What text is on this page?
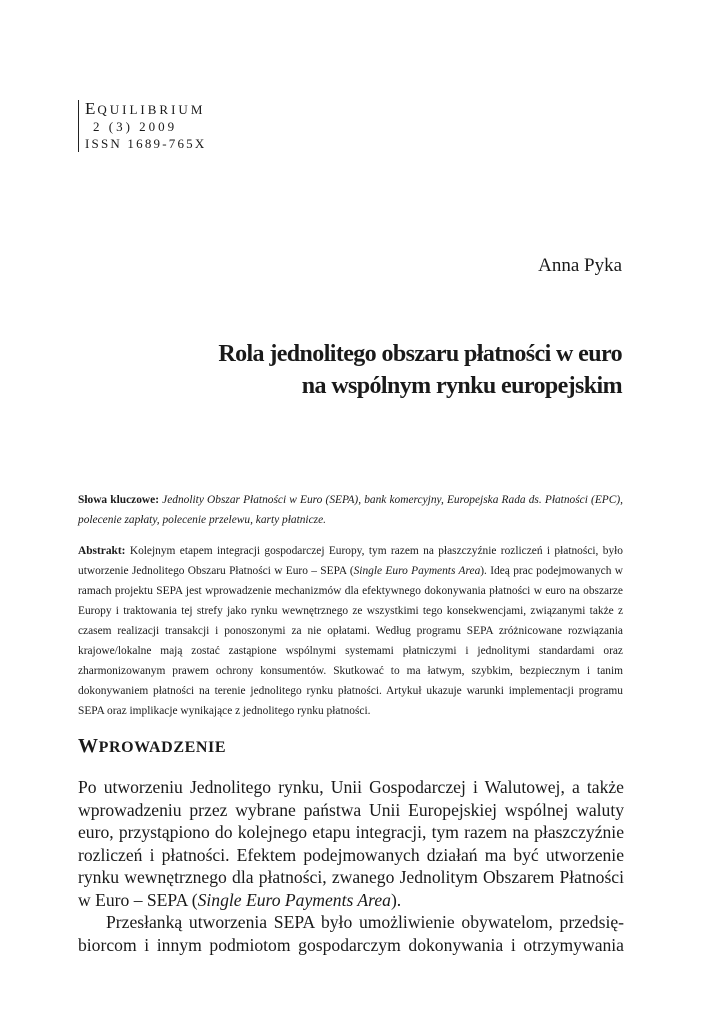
EQUILIBRIUM
2 (3) 2009
ISSN 1689-765X
Anna Pyka
Rola jednolitego obszaru płatności w euro
na wspólnym rynku europejskim
Słowa kluczowe: Jednolity Obszar Płatności w Euro (SEPA), bank komercyjny, Europejska Rada ds. Płatności (EPC), polecenie zapłaty, polecenie przelewu, karty płatnicze.
Abstrakt: Kolejnym etapem integracji gospodarczej Europy, tym razem na płaszczyźnie rozliczeń i płatności, było utworzenie Jednolitego Obszaru Płatności w Euro – SEPA (Single Euro Payments Area). Ideą prac podejmowanych w ramach projektu SEPA jest wprowadzenie mechanizmów dla efektywnego dokonywania płatności w euro na obszarze Europy i traktowania tej strefy jako rynku wewnętrznego ze wszystkimi tego konsekwencjami, związanymi także z czasem realizacji transakcji i ponoszonymi za nie opłatami. Według programu SEPA zróżnicowane rozwiązania krajowe/lokalne mają zostać zastąpione wspólnymi systemami płatniczymi i jednolitymi standardami oraz zharmonizowanym prawem ochrony konsumentów. Skutkować to ma łatwym, szybkim, bezpiecznym i tanim dokonywaniem płatności na terenie jednolitego rynku płatności. Artykuł ukazuje warunki implementacji programu SEPA oraz implikacje wynikające z jednolitego rynku płatności.
WPROWADZENIE

Po utworzeniu Jednolitego rynku, Unii Gospodarczej i Walutowej, a także
wprowadzeniu przez wybrane państwa Unii Europejskiej wspólnej waluty
euro, przystąpiono do kolejnego etapu integracji, tym razem na płaszczyźnie
rozliczeń i płatności. Efektem podejmowanych działań ma być utworzenie
rynku wewnętrznego dla płatności, zwanego Jednolitym Obszarem Płatności
w Euro – SEPA (Single Euro Payments Area).

Przesłanką utworzenia SEPA było umożliwienie obywatelom, przedsię-
biorcom i innym podmiotom gospodarczym dokonywania i otrzymywania
